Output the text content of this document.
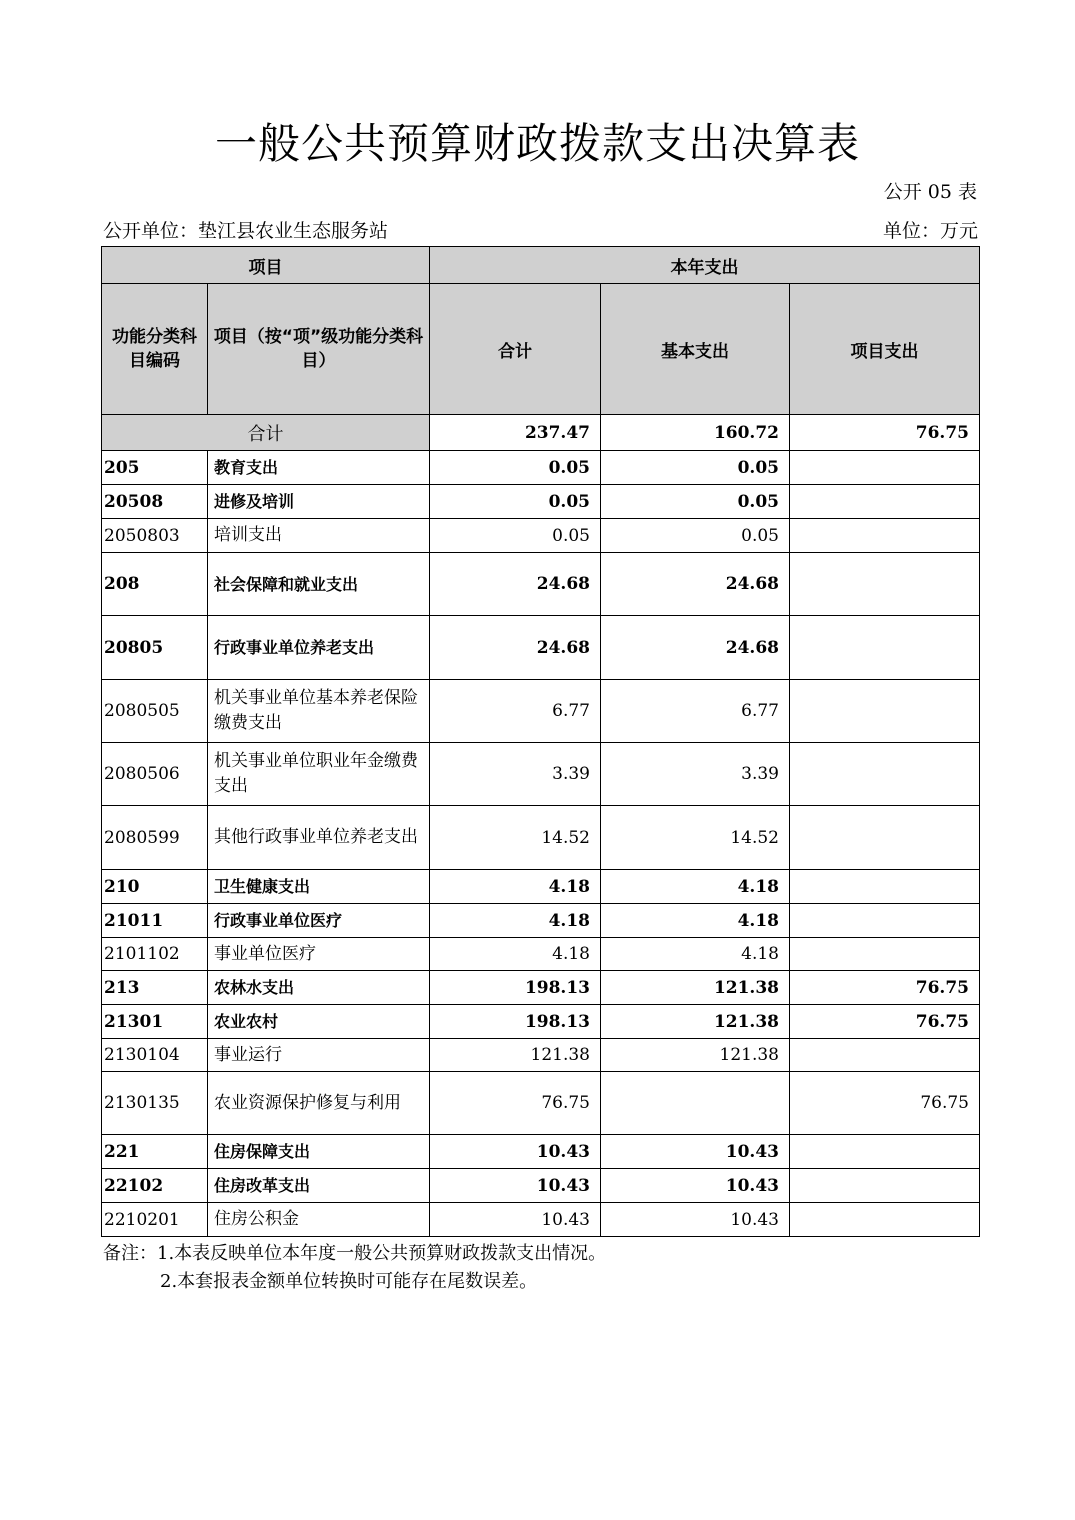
一般公共预算财政拨款支出决算表
公开 05 表
公开单位：垫江县农业生态服务站	单位：万元
项目		本年支出		
功能分类科目编码	项目（按“项”级功能分类科目）	合计	基本支出	项目支出
合计		237.47	160.72	76.75
205	教育支出	0.05	0.05	
20508	进修及培训	0.05	0.05	
2050803	培训支出	0.05	0.05	
208	社会保障和就业支出	24.68	24.68	
20805	行政事业单位养老支出	24.68	24.68	
2080505	机关事业单位基本养老保险缴费支出	6.77	6.77	
2080506	机关事业单位职业年金缴费支出	3.39	3.39	
2080599	其他行政事业单位养老支出	14.52	14.52	
210	卫生健康支出	4.18	4.18	
21011	行政事业单位医疗	4.18	4.18	
2101102	事业单位医疗	4.18	4.18	
213	农林水支出	198.13	121.38	76.75
21301	农业农村	198.13	121.38	76.75
2130104	事业运行	121.38	121.38	
2130135	农业资源保护修复与利用	76.75		76.75
221	住房保障支出	10.43	10.43	
22102	住房改革支出	10.43	10.43	
2210201	住房公积金	10.43	10.43	
备注：1.本表反映单位本年度一般公共预算财政拨款支出情况。
2.本套报表金额单位转换时可能存在尾数误差。
